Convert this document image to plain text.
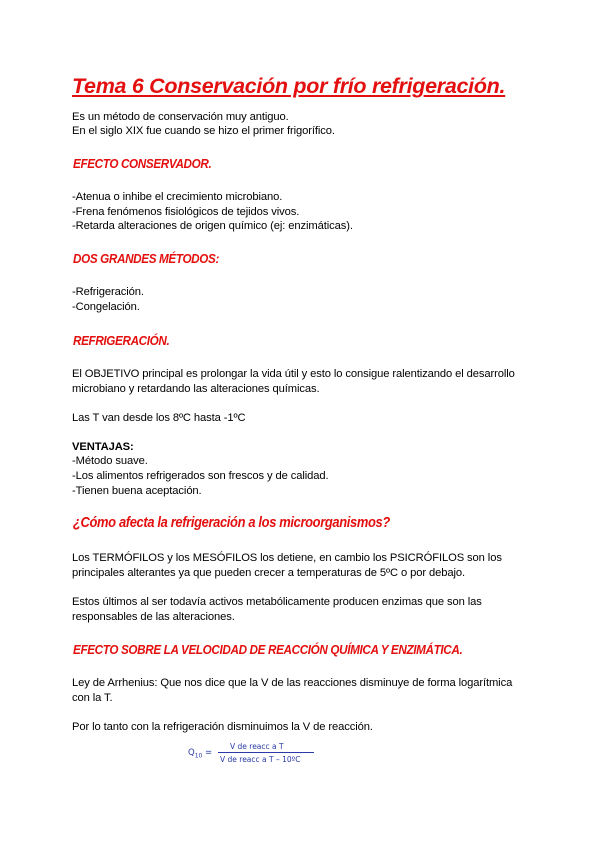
Tema 6 Conservación por frío refrigeración.
Es un método de conservación muy antiguo.
En el siglo XIX fue cuando se hizo el primer frigorífico.
EFECTO CONSERVADOR.
-Atenua o inhibe el crecimiento microbiano.
-Frena fenómenos fisiológicos de tejidos vivos.
-Retarda alteraciones de origen químico (ej: enzimáticas).
DOS GRANDES MÉTODOS:
-Refrigeración.
-Congelación.
REFRIGERACIÓN.
El OBJETIVO principal es prolongar la vida útil y esto lo consigue ralentizando el desarrollo
microbiano y retardando las alteraciones químicas.
Las T van desde los 8ºC hasta -1ºC
VENTAJAS:
-Método suave.
-Los alimentos refrigerados son frescos y de calidad.
-Tienen buena aceptación.
¿Cómo afecta la refrigeración a los microorganismos?
Los TERMÓFILOS y los MESÓFILOS los detiene, en cambio los PSICRÓFILOS son los
principales alterantes ya que pueden crecer a temperaturas de 5ºC o por debajo.
Estos últimos al ser todavía activos metabólicamente producen enzimas que son las
responsables de las alteraciones.
EFECTO SOBRE LA VELOCIDAD DE REACCIÓN QUÍMICA Y ENZIMÁTICA.
Ley de Arrhenius: Que nos dice que la V de las reacciones disminuye de forma logarítmica
con la T.
Por lo tanto con la refrigeración disminuimos la V de reacción.
$Q_{10}$ =
V de reacc a T
V de reacc a T – 10ºC
